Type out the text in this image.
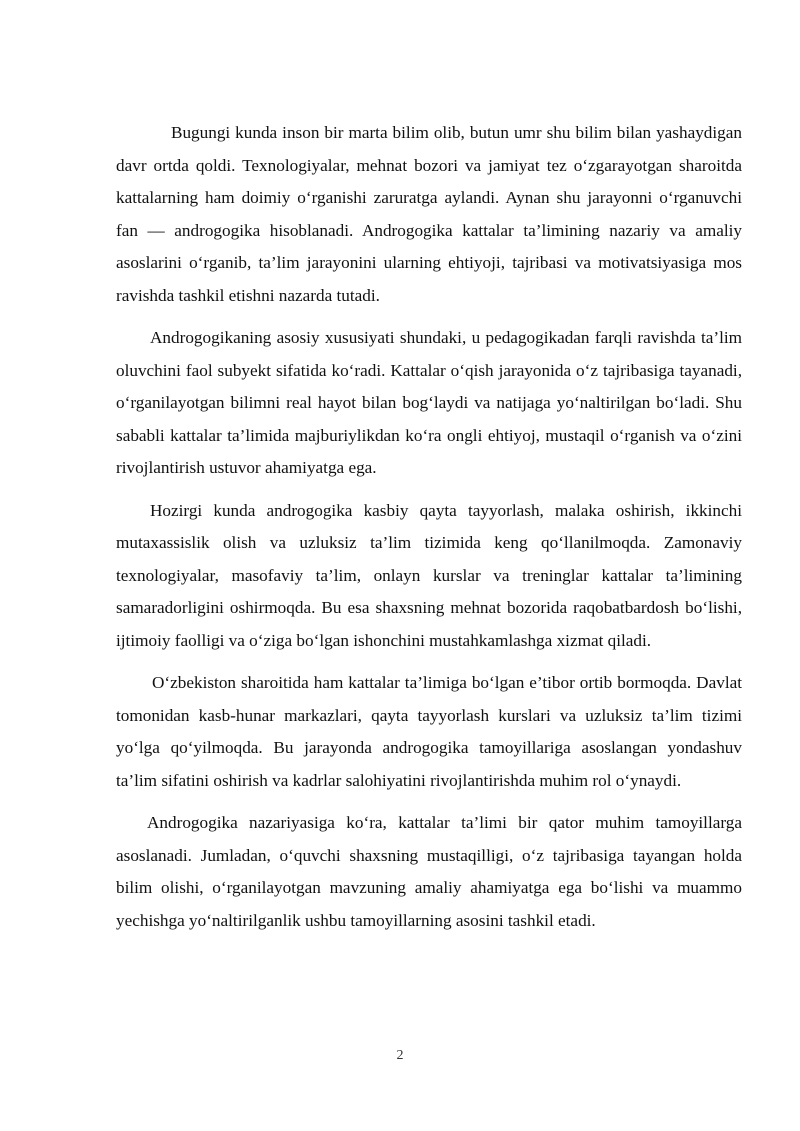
Bugungi kunda inson bir marta bilim olib, butun umr shu bilim bilan yashaydigan davr ortda qoldi. Texnologiyalar, mehnat bozori va jamiyat tez o‘zgarayotgan sharoitda kattalarning ham doimiy o‘rganishi zaruratga aylandi. Aynan shu jarayonni o‘rganuvchi fan — androgogika hisoblanadi. Androgogika kattalar ta’limining nazariy va amaliy asoslarini o‘rganib, ta’lim jarayonini ularning ehtiyoji, tajribasi va motivatsiyasiga mos ravishda tashkil etishni nazarda tutadi.

Androgogikaning asosiy xususiyati shundaki, u pedagogikadan farqli ravishda ta’lim oluvchini faol subyekt sifatida ko‘radi. Kattalar o‘qish jarayonida o‘z tajribasiga tayanadi, o‘rganilayotgan bilimni real hayot bilan bog‘laydi va natijaga yo‘naltirilgan bo‘ladi. Shu sababli kattalar ta’limida majburiylikdan ko‘ra ongli ehtiyoj, mustaqil o‘rganish va o‘zini rivojlantirish ustuvor ahamiyatga ega.

Hozirgi kunda androgogika kasbiy qayta tayyorlash, malaka oshirish, ikkinchi mutaxassislik olish va uzluksiz ta’lim tizimida keng qo‘llanilmoqda. Zamonaviy texnologiyalar, masofaviy ta’lim, onlayn kurslar va treninglar kattalar ta’limining samaradorligini oshirmoqda. Bu esa shaxsning mehnat bozorida raqobatbardosh bo‘lishi, ijtimoiy faolligi va o‘ziga bo‘lgan ishonchini mustahkamlashga xizmat qiladi.

O‘zbekiston sharoitida ham kattalar ta’limiga bo‘lgan e’tibor ortib bormoqda. Davlat tomonidan kasb-hunar markazlari, qayta tayyorlash kurslari va uzluksiz ta’lim tizimi yo‘lga qo‘yilmoqda. Bu jarayonda androgogika tamoyillariga asoslangan yondashuv ta’lim sifatini oshirish va kadrlar salohiyatini rivojlantirishda muhim rol o‘ynaydi.

Androgogika nazariyasiga ko‘ra, kattalar ta’limi bir qator muhim tamoyillarga asoslanadi. Jumladan, o‘quvchi shaxsning mustaqilligi, o‘z tajribasiga tayangan holda bilim olishi, o‘rganilayotgan mavzuning amaliy ahamiyatga ega bo‘lishi va muammo yechishga yo‘naltirilganlik ushbu tamoyillarning asosini tashkil etadi.

2
